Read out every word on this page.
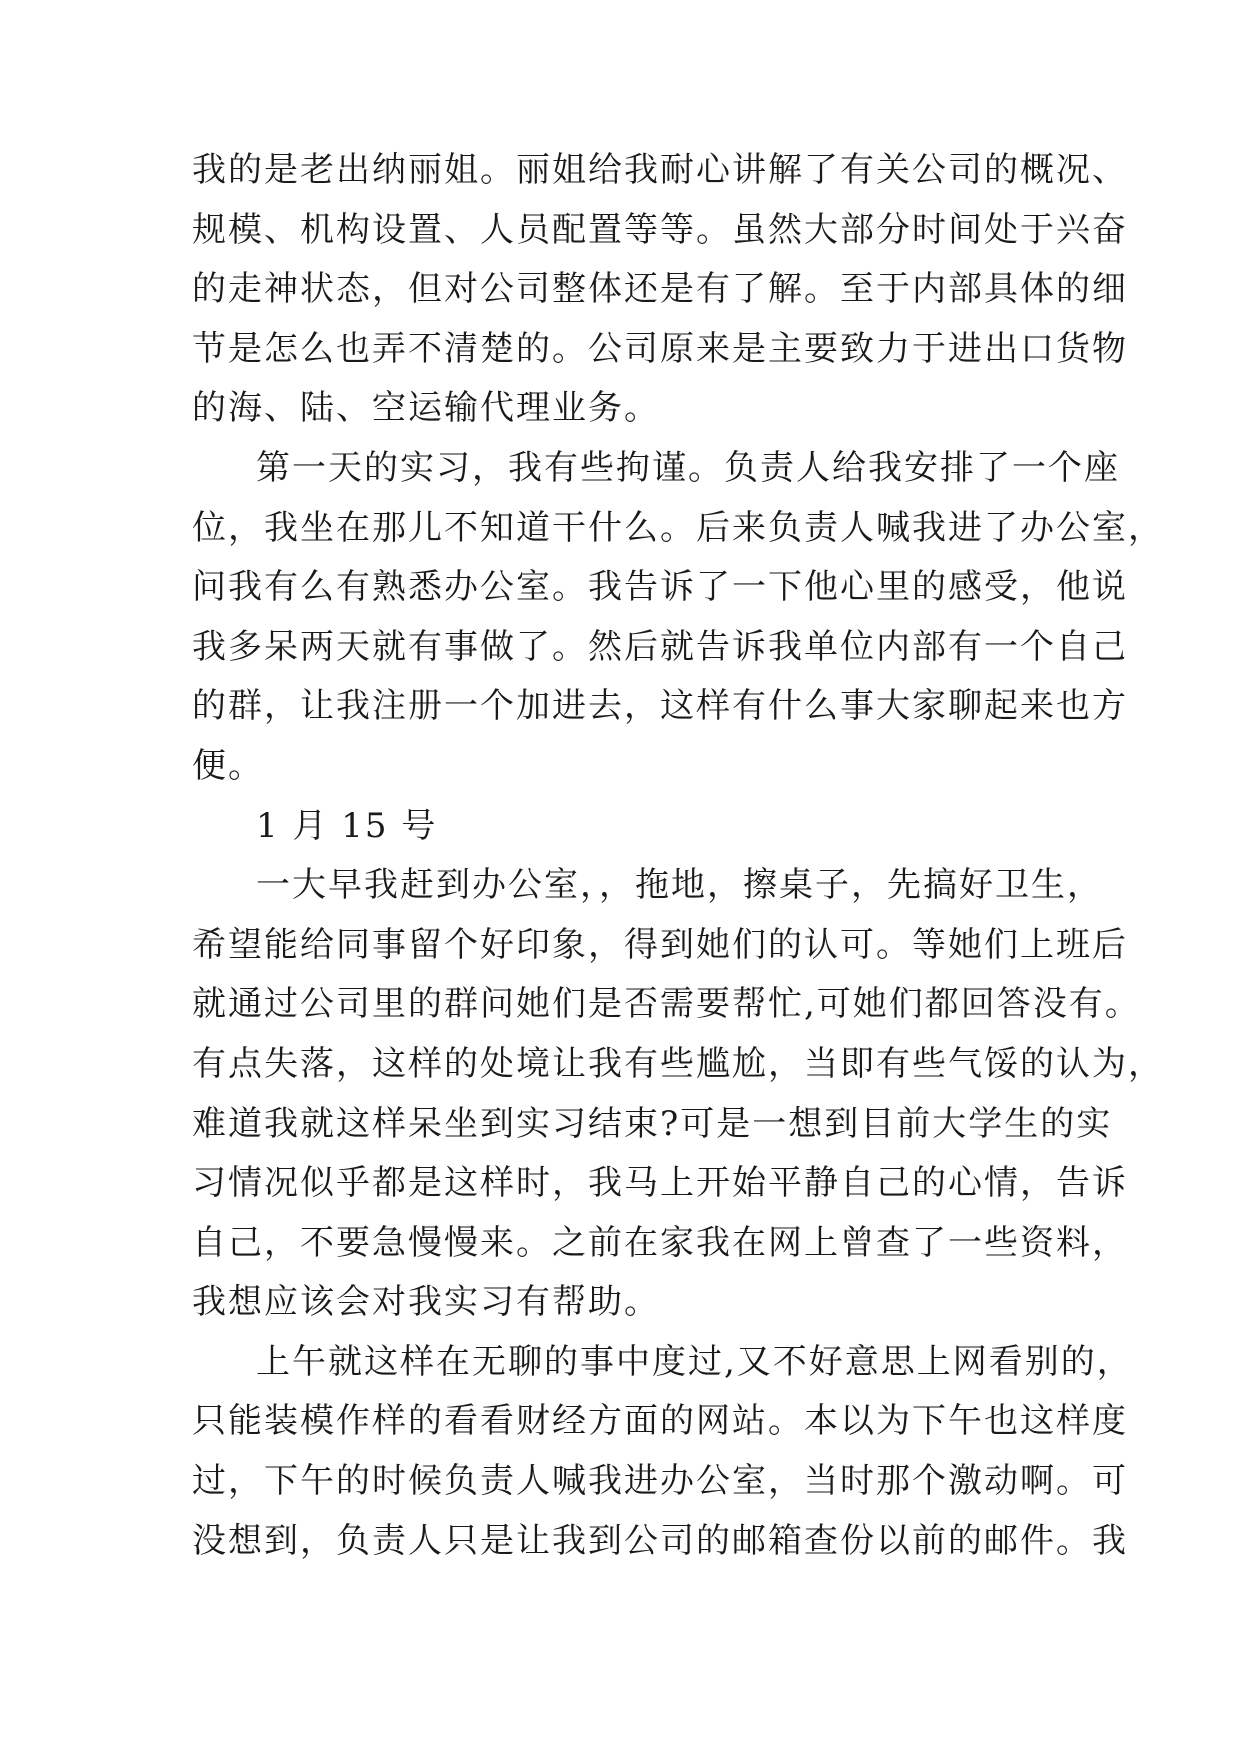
我的是老出纳丽姐。丽姐给我耐心讲解了有关公司的概况、
规模、机构设置、人员配置等等。虽然大部分时间处于兴奋
的走神状态，但对公司整体还是有了解。至于内部具体的细
节是怎么也弄不清楚的。公司原来是主要致力于进出口货物
的海、陆、空运输代理业务。
第一天的实习，我有些拘谨。负责人给我安排了一个座
位，我坐在那儿不知道干什么。后来负责人喊我进了办公室，
问我有么有熟悉办公室。我告诉了一下他心里的感受，他说
我多呆两天就有事做了。然后就告诉我单位内部有一个自己
的群，让我注册一个加进去，这样有什么事大家聊起来也方
便。
1 月 15 号
一大早我赶到办公室，，拖地，擦桌子，先搞好卫生，
希望能给同事留个好印象，得到她们的认可。等她们上班后
就通过公司里的群问她们是否需要帮忙,可她们都回答没有。
有点失落，这样的处境让我有些尴尬，当即有些气馁的认为，
难道我就这样呆坐到实习结束?可是一想到目前大学生的实
习情况似乎都是这样时，我马上开始平静自己的心情，告诉
自己，不要急慢慢来。之前在家我在网上曾查了一些资料，
我想应该会对我实习有帮助。
上午就这样在无聊的事中度过,又不好意思上网看别的，
只能装模作样的看看财经方面的网站。本以为下午也这样度
过，下午的时候负责人喊我进办公室，当时那个激动啊。可
没想到，负责人只是让我到公司的邮箱查份以前的邮件。我
